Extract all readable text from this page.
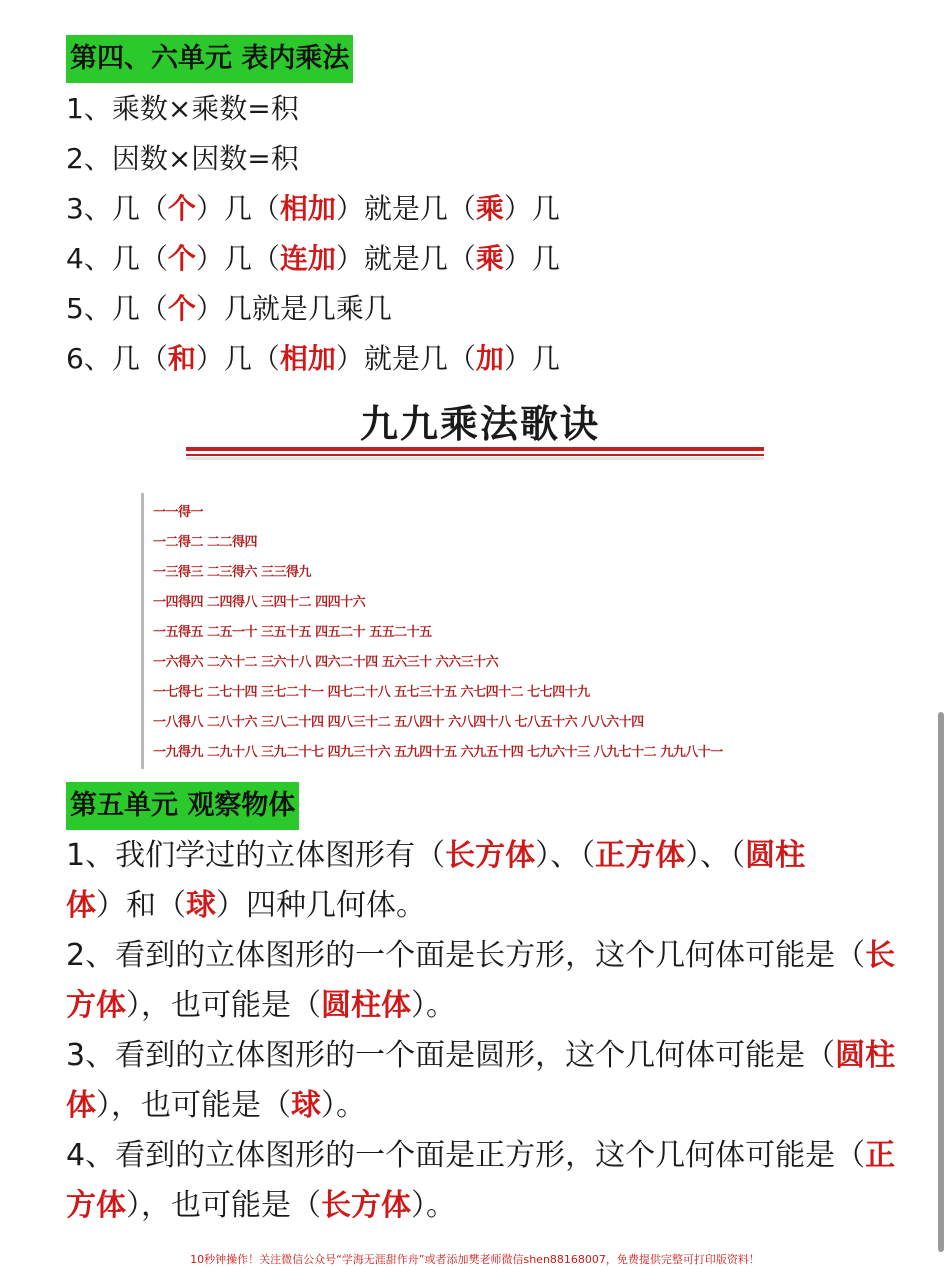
第四、六单元 表内乘法
1、乘数×乘数=积
2、因数×因数=积
3、几（个）几（相加）就是几（乘）几
4、几（个）几（连加）就是几（乘）几
5、几（个）几就是几乘几
6、几（和）几（相加）就是几（加）几
九九乘法歌诀
一一得一
一二得二 二二得四
一三得三 二三得六 三三得九
一四得四 二四得八 三四十二 四四十六
一五得五 二五一十 三五十五 四五二十 五五二十五
一六得六 二六十二 三六十八 四六二十四 五六三十 六六三十六
一七得七 二七十四 三七二十一 四七二十八 五七三十五 六七四十二 七七四十九
一八得八 二八十六 三八二十四 四八三十二 五八四十 六八四十八 七八五十六 八八六十四
一九得九 二九十八 三九二十七 四九三十六 五九四十五 六九五十四 七九六十三 八九七十二 九九八十一
第五单元 观察物体
1、我们学过的立体图形有（长方体）、（正方体）、（圆柱
体）和（球）四种几何体。
2、看到的立体图形的一个面是长方形，这个几何体可能是（长
方体），也可能是（圆柱体）。
3、看到的立体图形的一个面是圆形，这个几何体可能是（圆柱
体），也可能是（球）。
4、看到的立体图形的一个面是正方形，这个几何体可能是（正
方体），也可能是（长方体）。
10秒钟操作！关注微信公众号“学海无涯甜作舟”或者添加樊老师微信shen88168007，免费提供完整可打印版资料！
